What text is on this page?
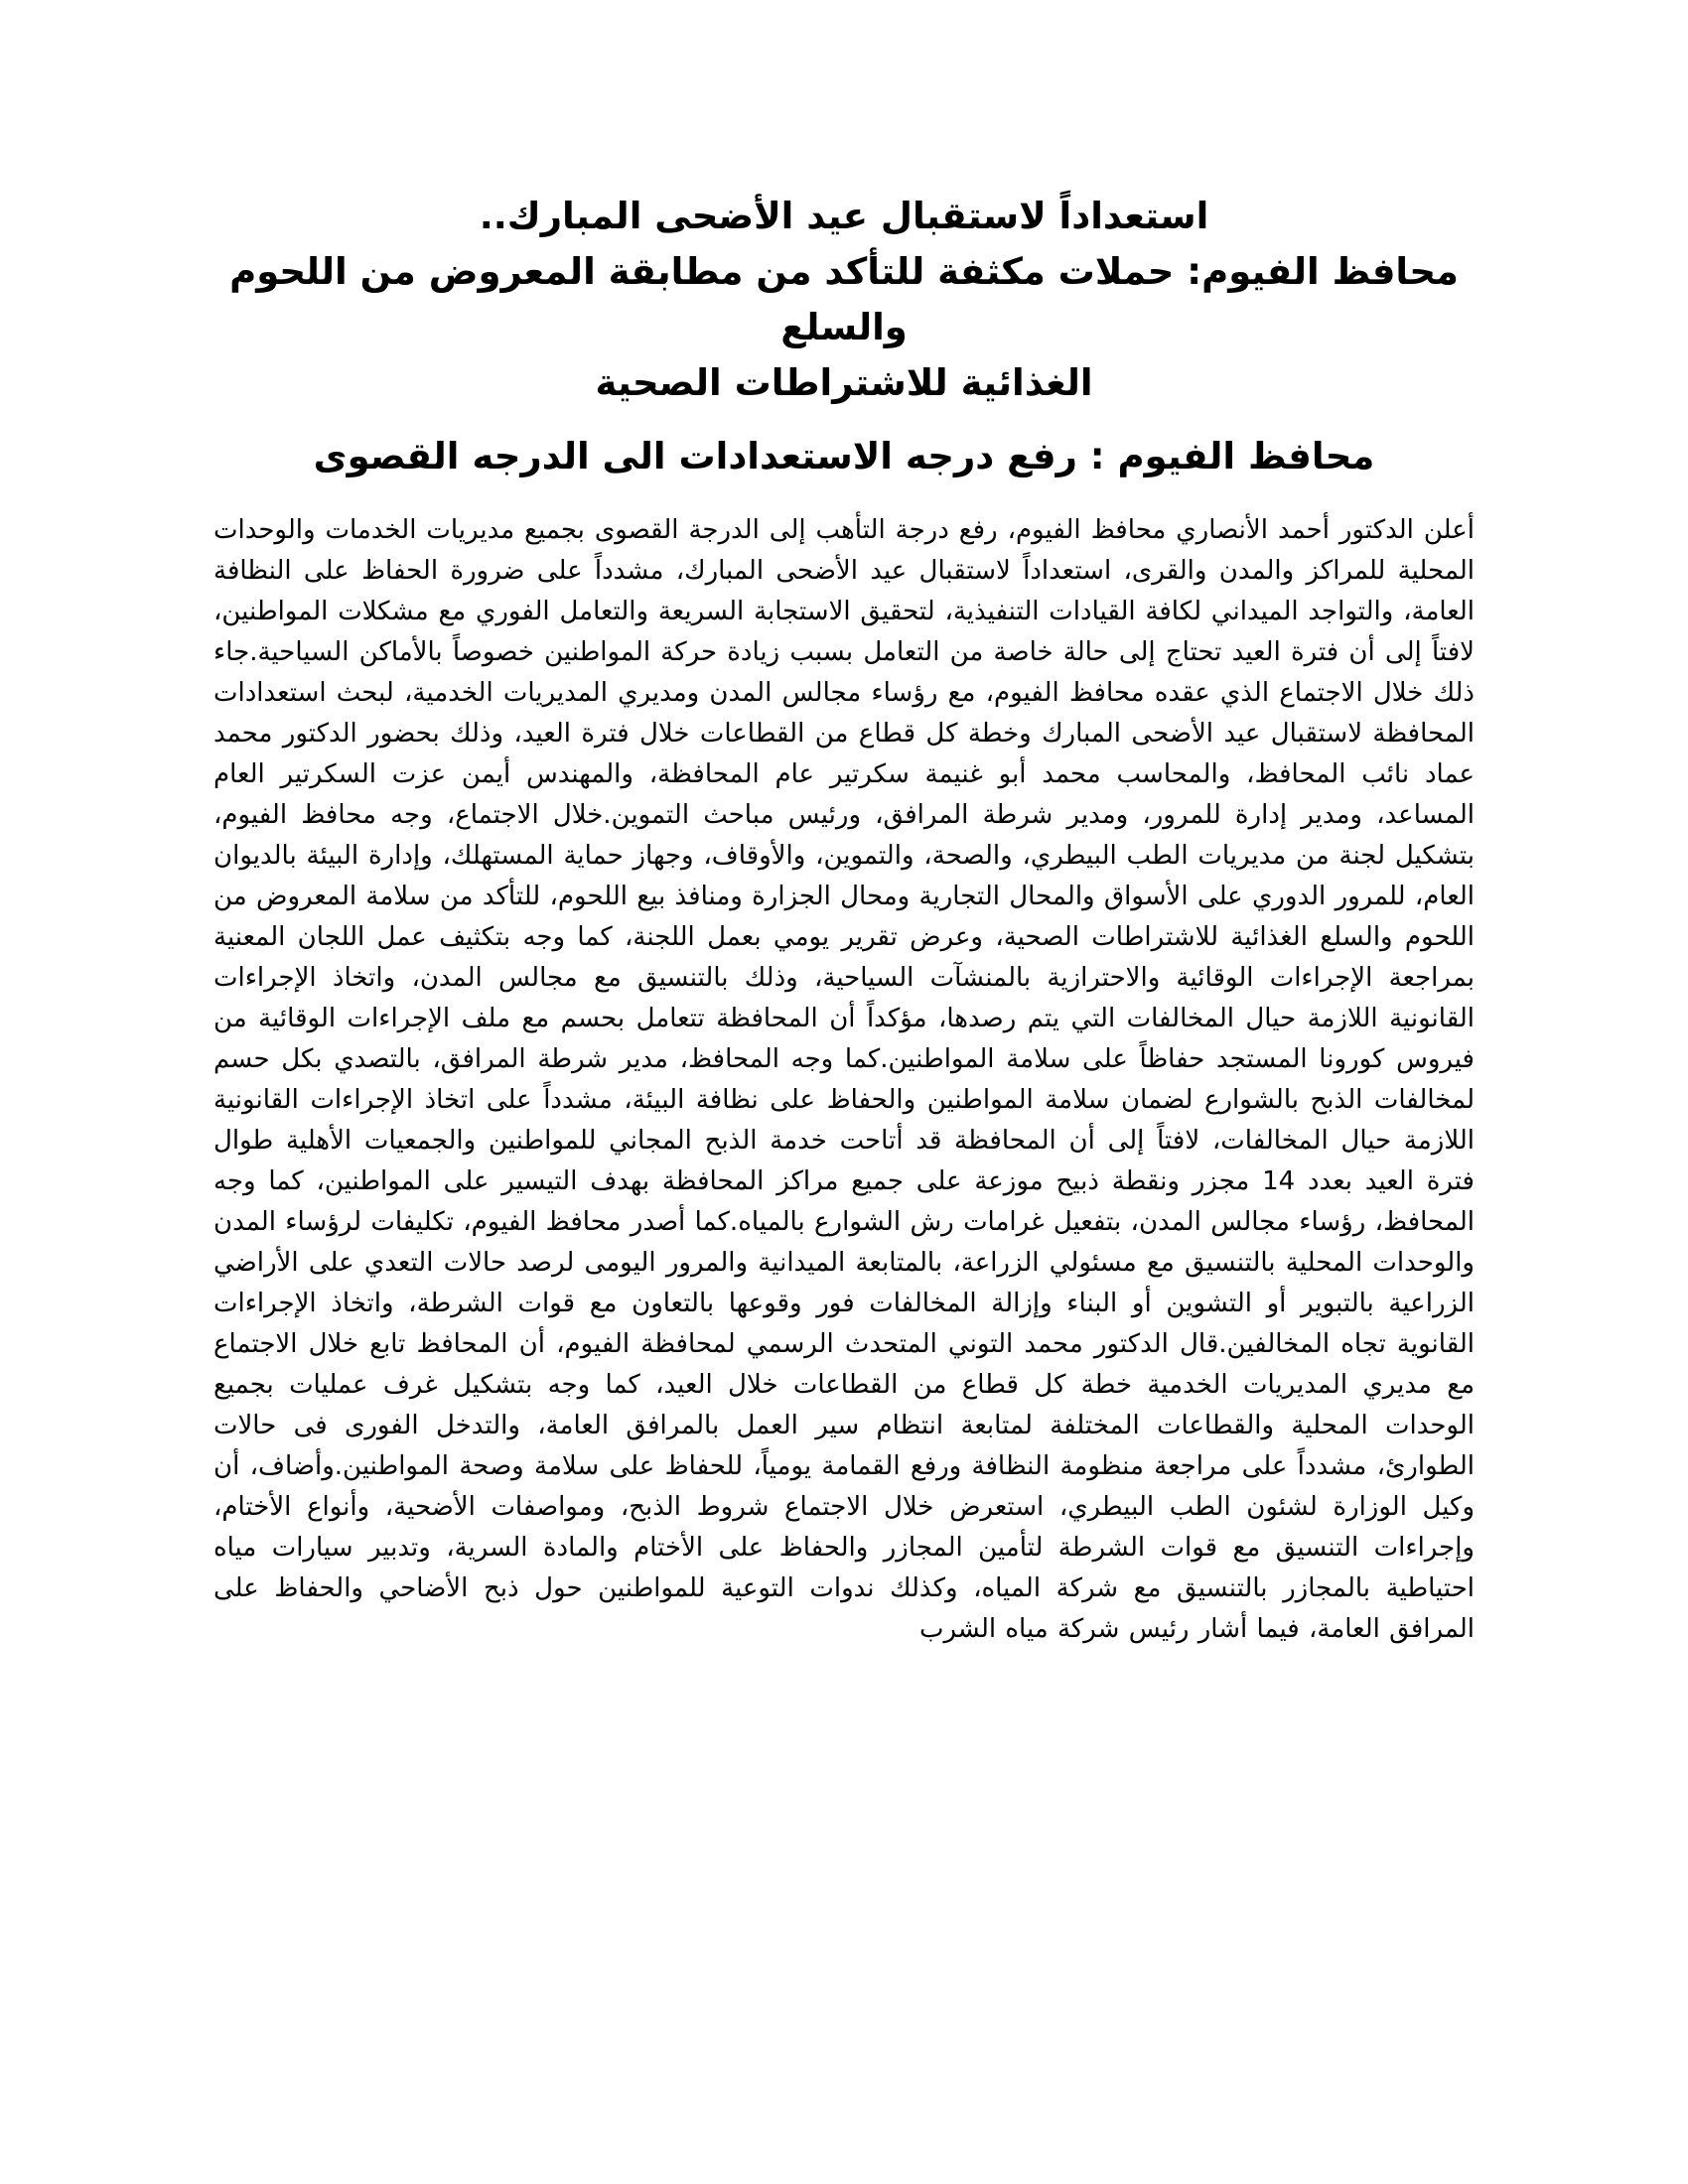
استعداداً لاستقبال عيد الأضحى المبارك..

محافظ الفيوم: حملات مكثفة للتأكد من مطابقة المعروض من اللحوم والسلع

الغذائية للاشتراطات الصحية

محافظ الفيوم : رفع درجه الاستعدادات الى الدرجه القصوى

أعلن الدكتور أحمد الأنصاري محافظ الفيوم، رفع درجة التأهب إلى الدرجة القصوى بجميع مديريات الخدمات والوحدات المحلية للمراكز والمدن والقرى، استعداداً لاستقبال عيد الأضحى المبارك، مشدداً على ضرورة الحفاظ على النظافة العامة، والتواجد الميداني لكافة القيادات التنفيذية، لتحقيق الاستجابة السريعة والتعامل الفوري مع مشكلات المواطنين، لافتاً إلى أن فترة العيد تحتاج إلى حالة خاصة من التعامل بسبب زيادة حركة المواطنين خصوصاً بالأماكن السياحية.جاء ذلك خلال الاجتماع الذي عقده محافظ الفيوم، مع رؤساء مجالس المدن ومديري المديريات الخدمية، لبحث استعدادات المحافظة لاستقبال عيد الأضحى المبارك وخطة كل قطاع من القطاعات خلال فترة العيد، وذلك بحضور الدكتور محمد عماد نائب المحافظ، والمحاسب محمد أبو غنيمة سكرتير عام المحافظة، والمهندس أيمن عزت السكرتير العام المساعد، ومدير إدارة للمرور، ومدير شرطة المرافق، ورئيس مباحث التموين.خلال الاجتماع، وجه محافظ الفيوم، بتشكيل لجنة من مديريات الطب البيطري، والصحة، والتموين، والأوقاف، وجهاز حماية المستهلك، وإدارة البيئة بالديوان العام، للمرور الدوري على الأسواق والمحال التجارية ومحال الجزارة ومنافذ بيع اللحوم، للتأكد من سلامة المعروض من اللحوم والسلع الغذائية للاشتراطات الصحية، وعرض تقرير يومي بعمل اللجنة، كما وجه بتكثيف عمل اللجان المعنية بمراجعة الإجراءات الوقائية والاحترازية بالمنشآت السياحية، وذلك بالتنسيق مع مجالس المدن، واتخاذ الإجراءات القانونية اللازمة حيال المخالفات التي يتم رصدها، مؤكداً أن المحافظة تتعامل بحسم مع ملف الإجراءات الوقائية من فيروس كورونا المستجد حفاظاً على سلامة المواطنين.كما وجه المحافظ، مدير شرطة المرافق، بالتصدي بكل حسم لمخالفات الذبح بالشوارع لضمان سلامة المواطنين والحفاظ على نظافة البيئة، مشدداً على اتخاذ الإجراءات القانونية اللازمة حيال المخالفات، لافتاً إلى أن المحافظة قد أتاحت خدمة الذبح المجاني للمواطنين والجمعيات الأهلية طوال فترة العيد بعدد 14 مجزر ونقطة ذبيح موزعة على جميع مراكز المحافظة بهدف التيسير على المواطنين، كما وجه المحافظ، رؤساء مجالس المدن، بتفعيل غرامات رش الشوارع بالمياه.كما أصدر محافظ الفيوم، تكليفات لرؤساء المدن والوحدات المحلية بالتنسيق مع مسئولي الزراعة، بالمتابعة الميدانية والمرور اليومى لرصد حالات التعدي على الأراضي الزراعية بالتبوير أو التشوين أو البناء وإزالة المخالفات فور وقوعها بالتعاون مع قوات الشرطة، واتخاذ الإجراءات القانوية تجاه المخالفين.قال الدكتور محمد التوني المتحدث الرسمي لمحافظة الفيوم، أن المحافظ تابع خلال الاجتماع مع مديري المديريات الخدمية خطة كل قطاع من القطاعات خلال العيد، كما وجه بتشكيل غرف عمليات بجميع الوحدات المحلية والقطاعات المختلفة لمتابعة انتظام سير العمل بالمرافق العامة، والتدخل الفورى فى حالات الطوارئ، مشدداً على مراجعة منظومة النظافة ورفع القمامة يومياً، للحفاظ على سلامة وصحة المواطنين.وأضاف، أن وكيل الوزارة لشئون الطب البيطري، استعرض خلال الاجتماع شروط الذبح، ومواصفات الأضحية، وأنواع الأختام، وإجراءات التنسيق مع قوات الشرطة لتأمين المجازر والحفاظ على الأختام والمادة السرية، وتدبير سيارات مياه احتياطية بالمجازر بالتنسيق مع شركة المياه، وكذلك ندوات التوعية للمواطنين حول ذبح الأضاحي والحفاظ على المرافق العامة، فيما أشار رئيس شركة مياه الشرب
